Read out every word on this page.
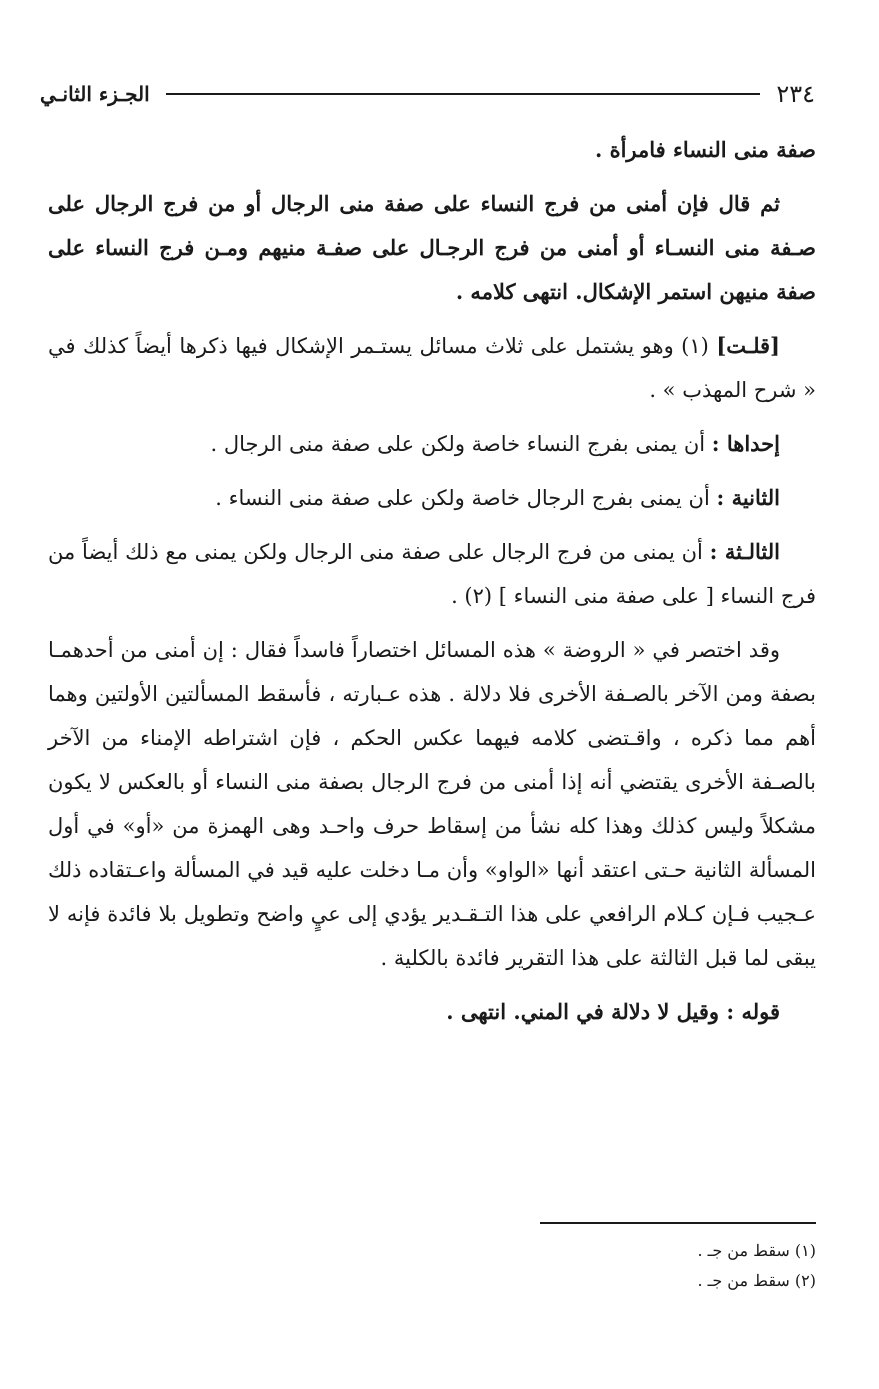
٢٣٤
الجـزء الثانـي

صفة منى النساء فامرأة .

ثم قال فإن أمنى من فرج النساء على صفة منى الرجال أو من فرج الرجال على صـفة منى النسـاء أو أمنى من فرج الرجـال على صفـة منيهم ومـن فرج النساء على صفة منيهن استمر الإشكال. انتهى كلامه .

[قلـت] (١) وهو يشتمل على ثلاث مسائل يستـمر الإشكال فيها ذكرها أيضاً كذلك في « شرح المهذب » .

إحداها : أن يمنى بفرج النساء خاصة ولكن على صفة منى الرجال .

الثانية : أن يمنى بفرج الرجال خاصة ولكن على صفة منى النساء .

الثالـثة : أن يمنى من فرج الرجال على صفة منى الرجال ولكن يمنى مع ذلك أيضاً من فرج النساء [ على صفة منى النساء ] (٢) .

وقد اختصر في « الروضة » هذه المسائل اختصاراً فاسداً فقال : إن أمنى من أحدهمـا بصفة ومن الآخر بالصـفة الأخرى فلا دلالة . هذه عـبارته ، فأسقط المسألتين الأولتين وهما أهم مما ذكره ، واقـتضى كلامه فيهما عكس الحكم ، فإن اشتراطه الإمناء من الآخر بالصـفة الأخرى يقتضي أنه إذا أمنى من فرج الرجال بصفة منى النساء أو بالعكس لا يكون مشكلاً وليس كذلك وهذا كله نشأ من إسقاط حرف واحـد وهى الهمزة من «أو» في أول المسألة الثانية حـتى اعتقد أنها «الواو» وأن مـا دخلت عليه قيد في المسألة واعـتقاده ذلك عـجيب فـإن كـلام الرافعي على هذا التـقـدير يؤدي إلى عيٍ واضح وتطويل بلا فائدة فإنه لا يبقى لما قبل الثالثة على هذا التقرير فائدة بالكلية .

قوله : وقيل لا دلالة في المني. انتهى .

(١) سقط من جـ .
(٢) سقط من جـ .
